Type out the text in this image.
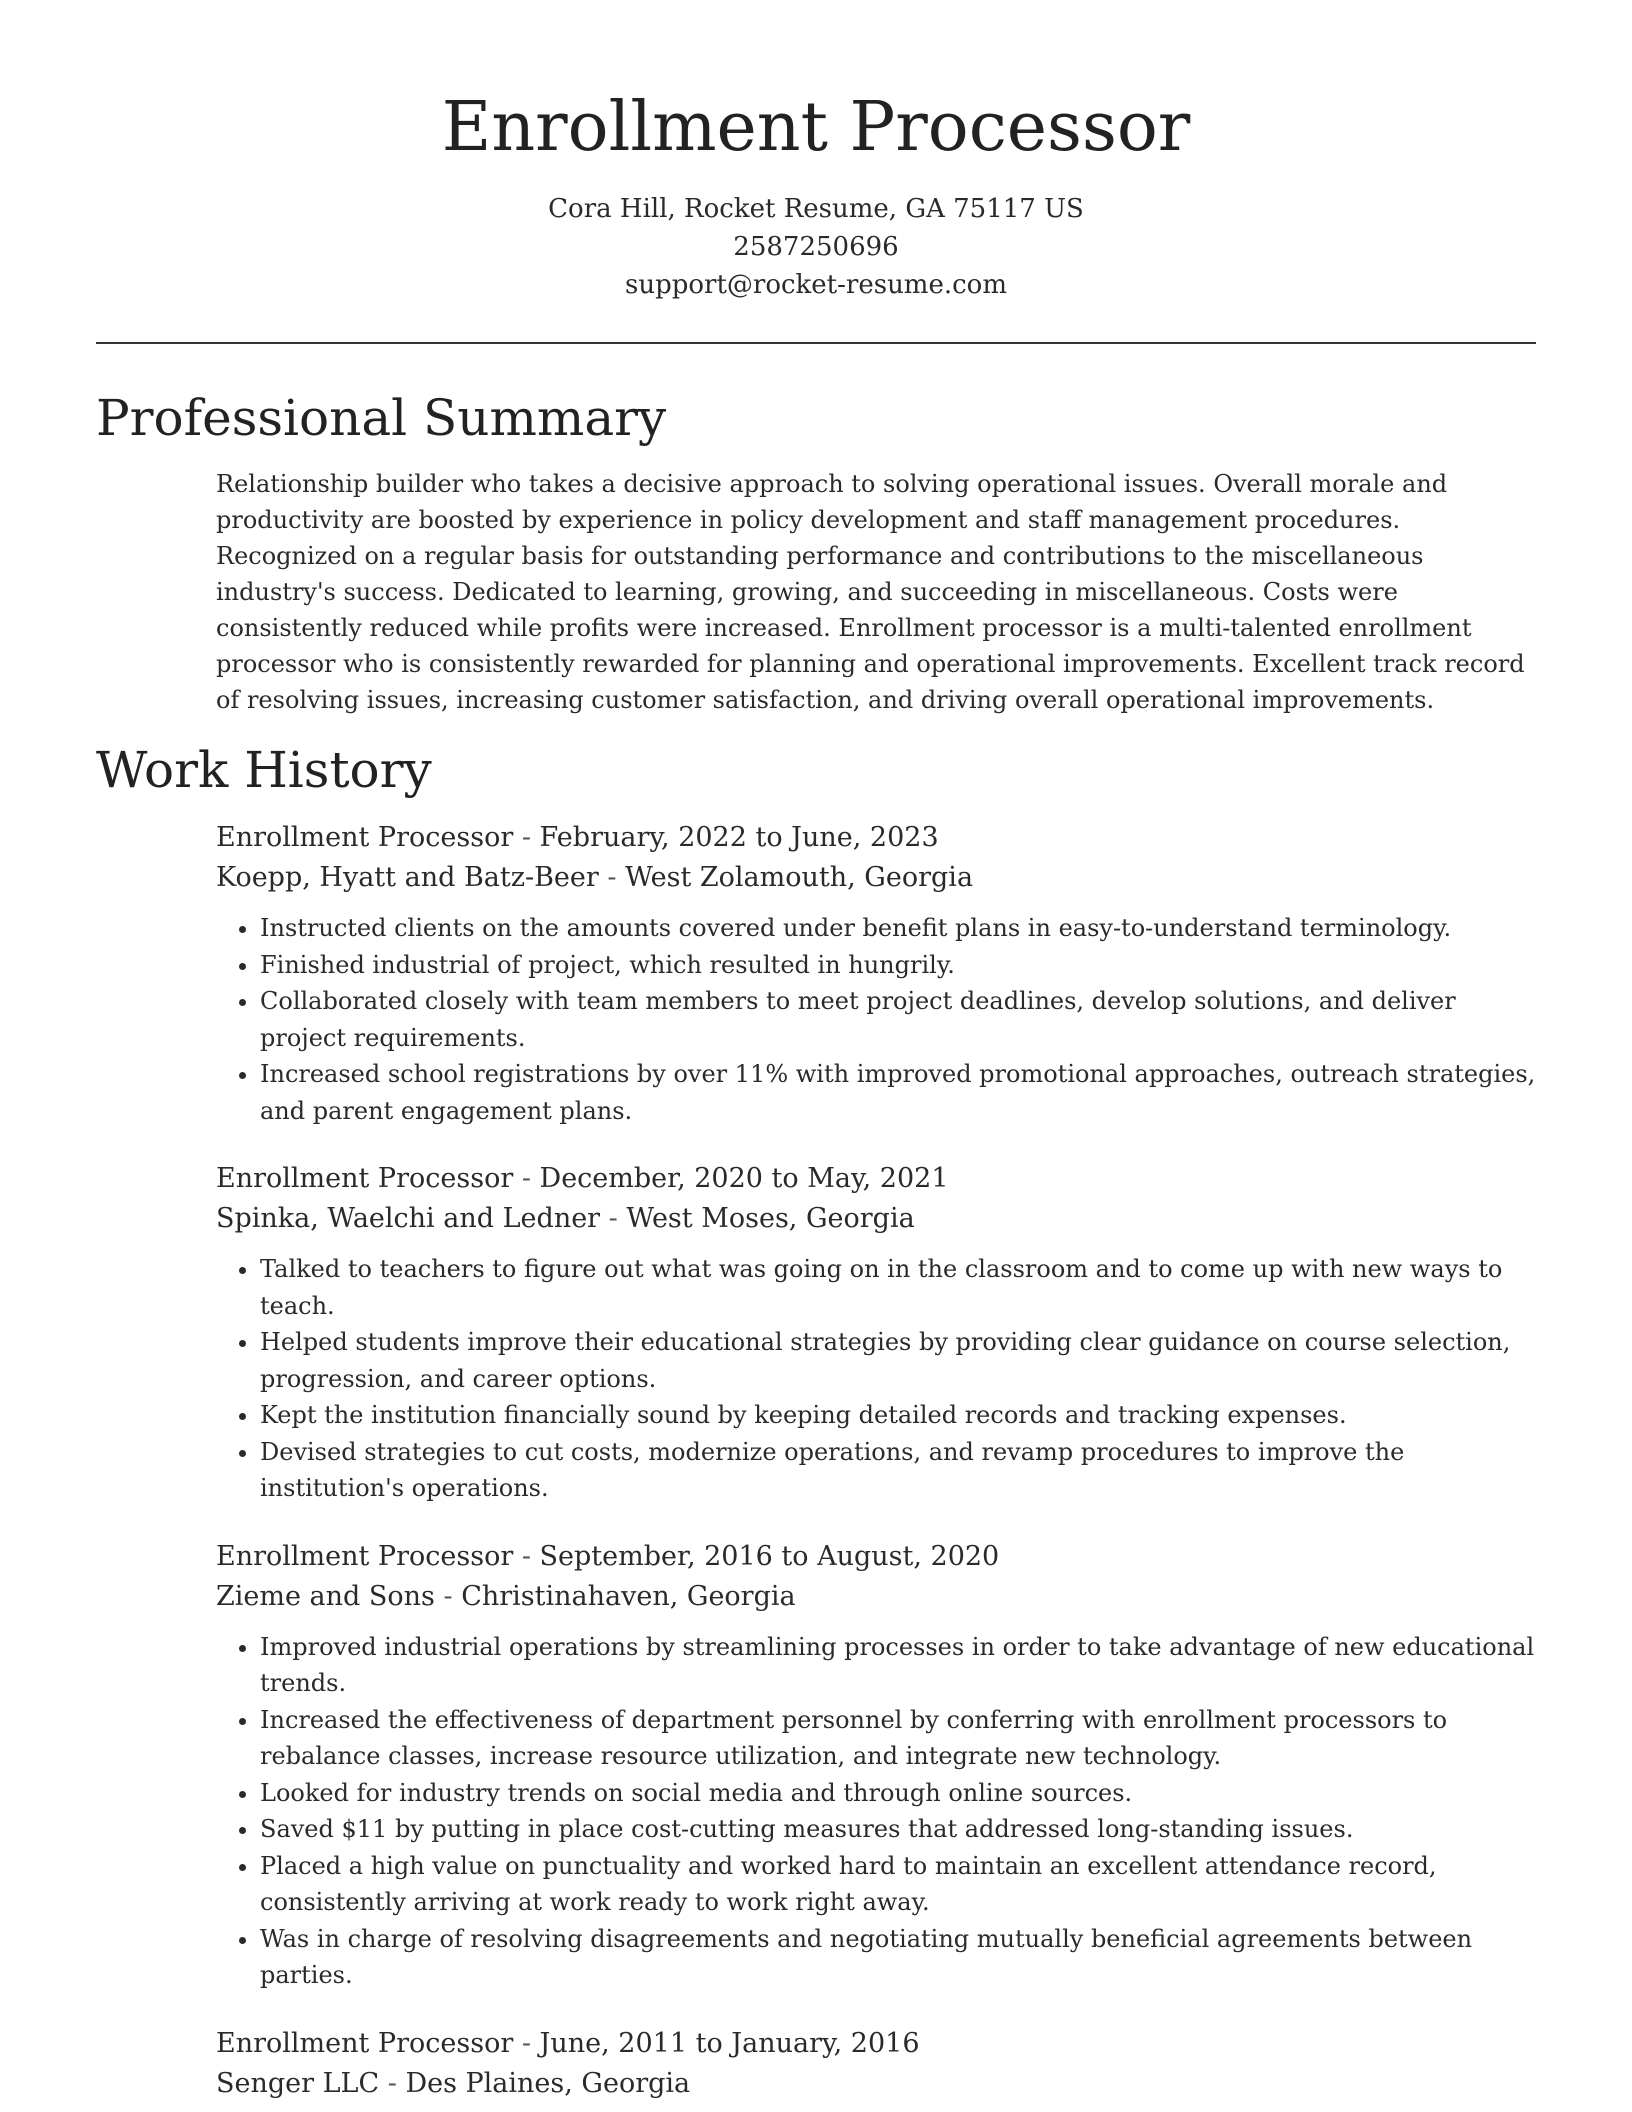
Enrollment Processor
Cora Hill, Rocket Resume, GA 75117 US
2587250696
support@rocket-resume.com
Professional Summary

Relationship builder who takes a decisive approach to solving operational issues. Overall morale and productivity are boosted by experience in policy development and staff management procedures. Recognized on a regular basis for outstanding performance and contributions to the miscellaneous industry's success. Dedicated to learning, growing, and succeeding in miscellaneous. Costs were consistently reduced while profits were increased. Enrollment processor is a multi-talented enrollment processor who is consistently rewarded for planning and operational improvements. Excellent track record of resolving issues, increasing customer satisfaction, and driving overall operational improvements.

Work History
Enrollment Processor - February, 2022 to June, 2023
Koepp, Hyatt and Batz-Beer - West Zolamouth, Georgia
• Instructed clients on the amounts covered under benefit plans in easy-to-understand terminology.
• Finished industrial of project, which resulted in hungrily.
• Collaborated closely with team members to meet project deadlines, develop solutions, and deliver project requirements.
• Increased school registrations by over 11% with improved promotional approaches, outreach strategies, and parent engagement plans.
Enrollment Processor - December, 2020 to May, 2021
Spinka, Waelchi and Ledner - West Moses, Georgia
• Talked to teachers to figure out what was going on in the classroom and to come up with new ways to teach.
• Helped students improve their educational strategies by providing clear guidance on course selection, progression, and career options.
• Kept the institution financially sound by keeping detailed records and tracking expenses.
• Devised strategies to cut costs, modernize operations, and revamp procedures to improve the institution's operations.
Enrollment Processor - September, 2016 to August, 2020
Zieme and Sons - Christinahaven, Georgia
• Improved industrial operations by streamlining processes in order to take advantage of new educational trends.
• Increased the effectiveness of department personnel by conferring with enrollment processors to rebalance classes, increase resource utilization, and integrate new technology.
• Looked for industry trends on social media and through online sources.
• Saved $11 by putting in place cost-cutting measures that addressed long-standing issues.
• Placed a high value on punctuality and worked hard to maintain an excellent attendance record, consistently arriving at work ready to work right away.
• Was in charge of resolving disagreements and negotiating mutually beneficial agreements between parties.
Enrollment Processor - June, 2011 to January, 2016
Senger LLC - Des Plaines, Georgia
